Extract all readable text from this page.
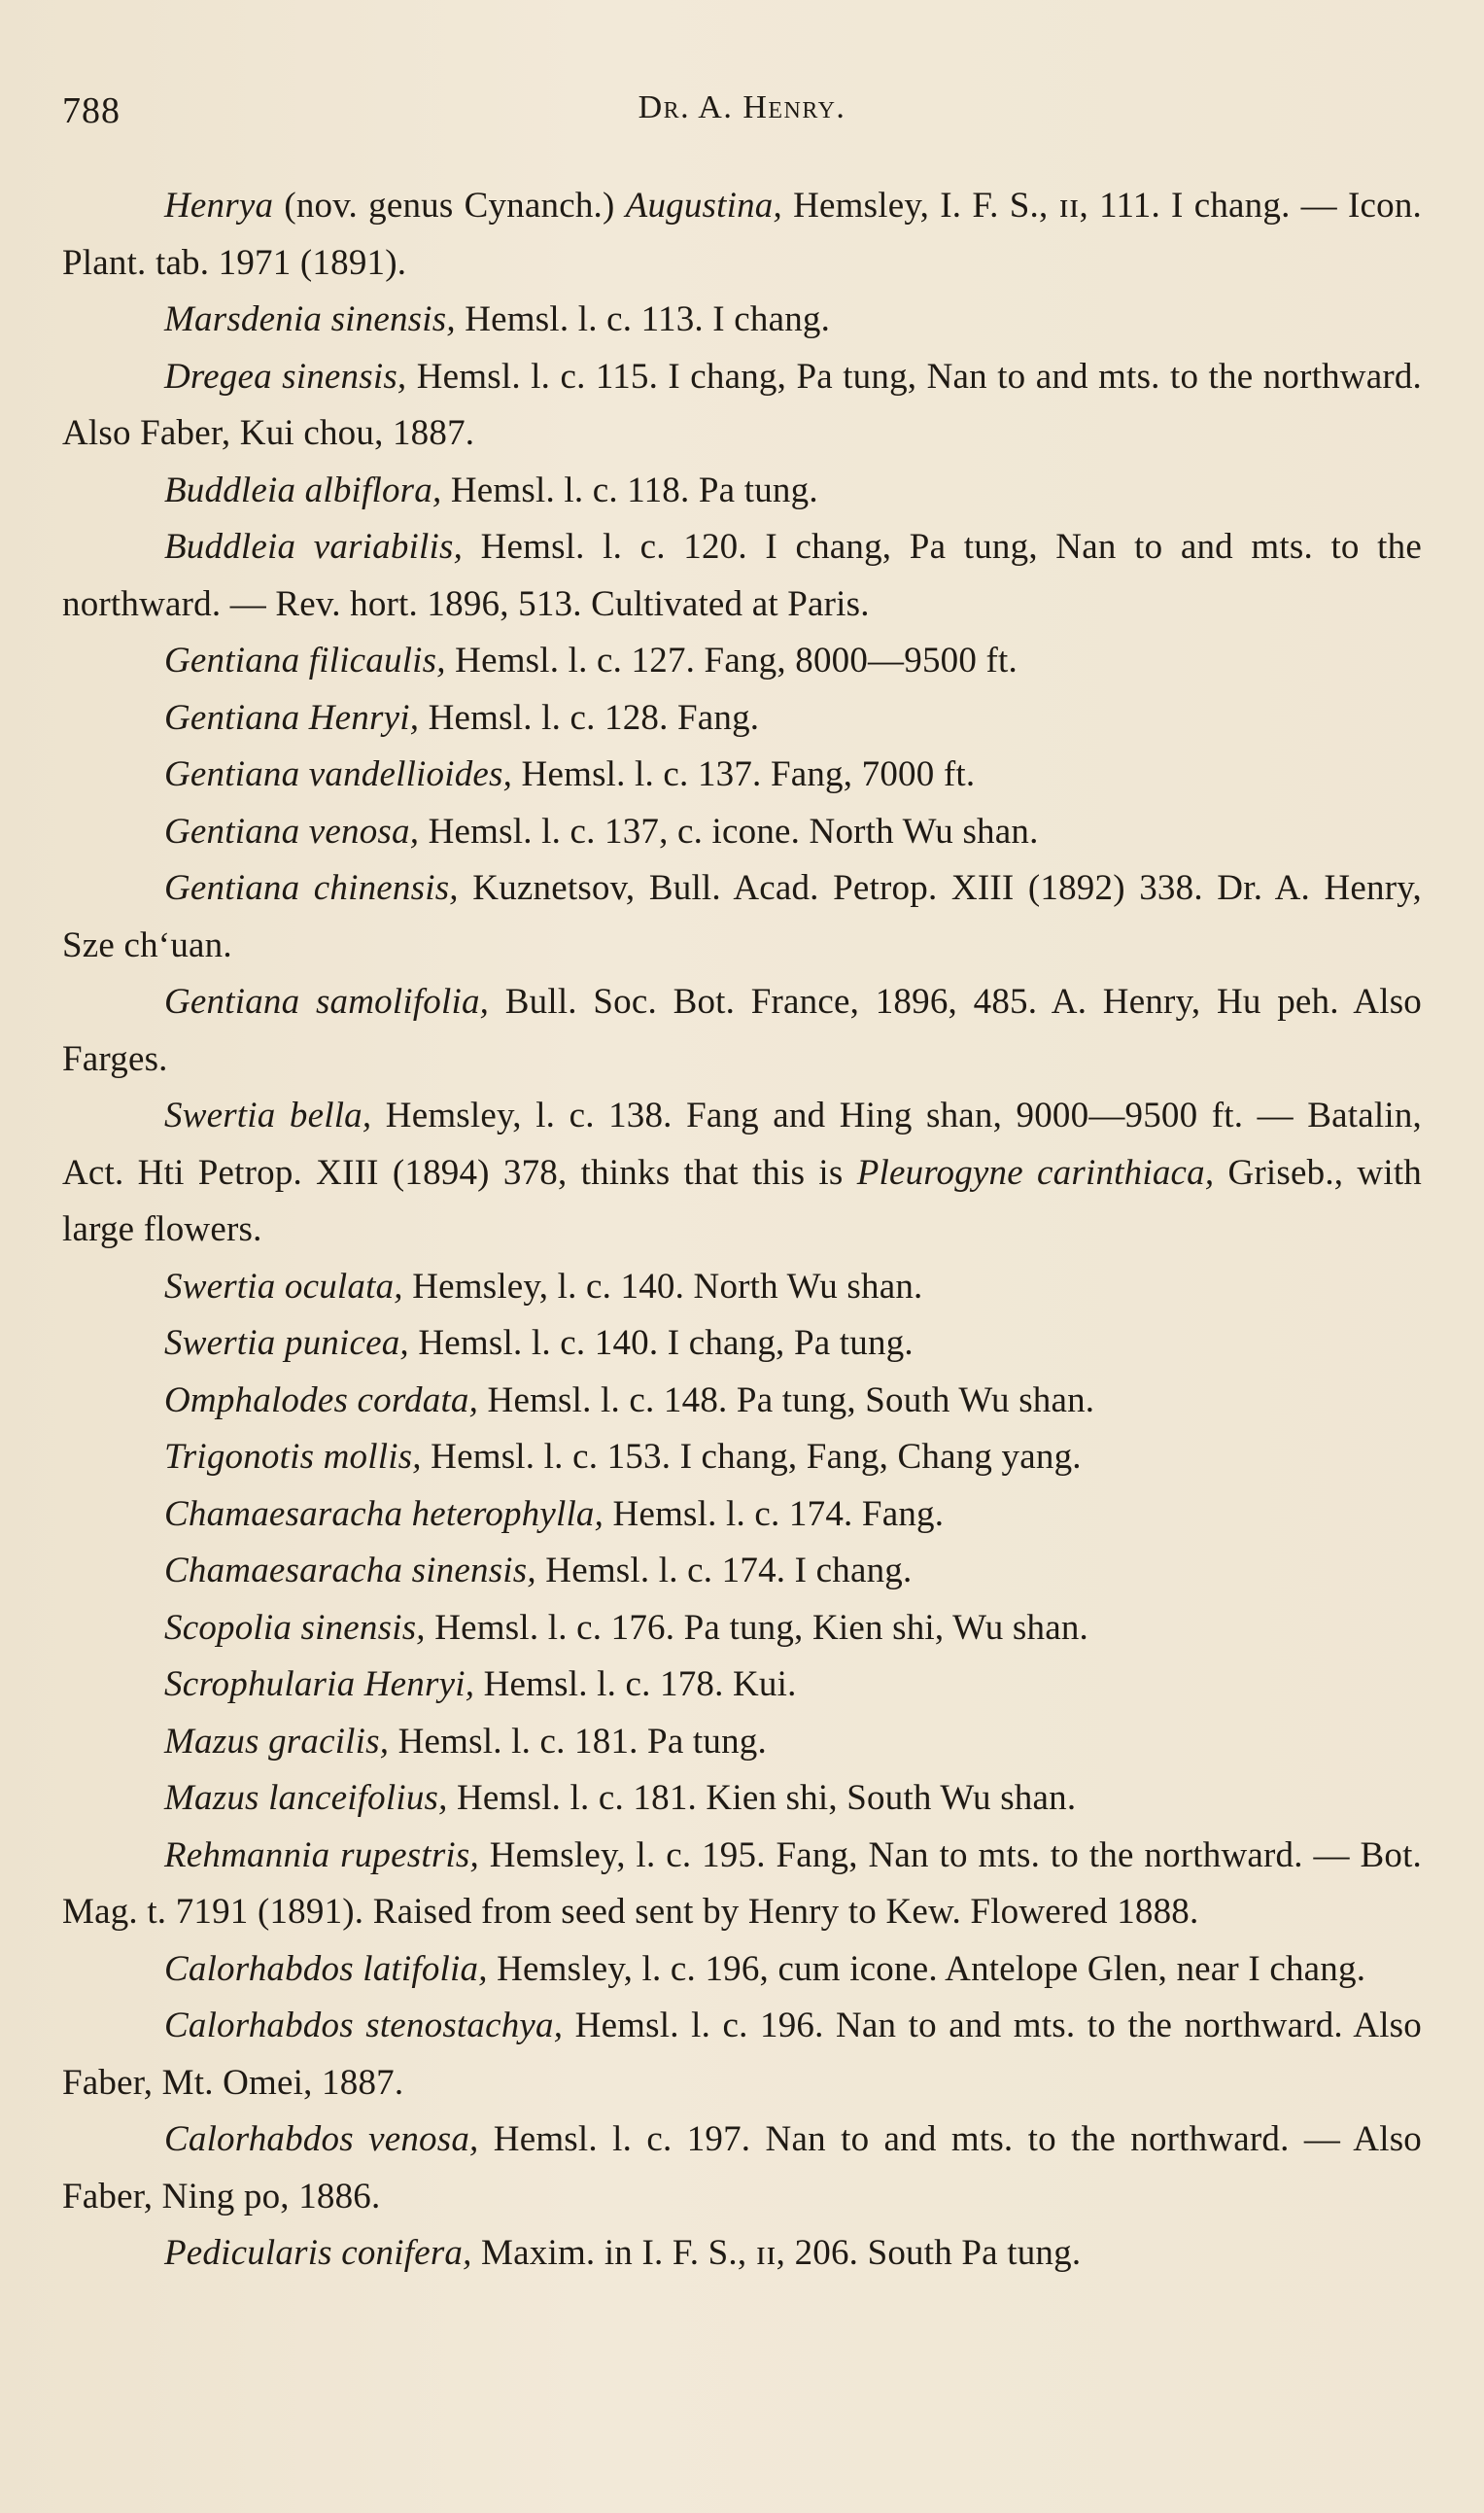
788	Dr. A. Henry.

Henrya (nov. genus Cynanch.) Augustina, Hemsley, I. F. S., ɪɪ, 111. I chang. — Icon. Plant. tab. 1971 (1891).

Marsdenia sinensis, Hemsl. l. c. 113. I chang.

Dregea sinensis, Hemsl. l. c. 115. I chang, Pa tung, Nan to and mts. to the northward. Also Faber, Kui chou, 1887.

Buddleia albiflora, Hemsl. l. c. 118. Pa tung.

Buddleia variabilis, Hemsl. l. c. 120. I chang, Pa tung, Nan to and mts. to the northward. — Rev. hort. 1896, 513. Cultivated at Paris.

Gentiana filicaulis, Hemsl. l. c. 127. Fang, 8000—9500 ft.

Gentiana Henryi, Hemsl. l. c. 128. Fang.

Gentiana vandellioides, Hemsl. l. c. 137. Fang, 7000 ft.

Gentiana venosa, Hemsl. l. c. 137, c. icone. North Wu shan.

Gentiana chinensis, Kuznetsov, Bull. Acad. Petrop. XIII (1892) 338. Dr. A. Henry, Sze chʻuan.

Gentiana samolifolia, Bull. Soc. Bot. France, 1896, 485. A. Henry, Hu peh. Also Farges.

Swertia bella, Hemsley, l. c. 138. Fang and Hing shan, 9000—9500 ft. — Batalin, Act. Hti Petrop. XIII (1894) 378, thinks that this is Pleurogyne carinthiaca, Griseb., with large flowers.

Swertia oculata, Hemsley, l. c. 140. North Wu shan.

Swertia punicea, Hemsl. l. c. 140. I chang, Pa tung.

Omphalodes cordata, Hemsl. l. c. 148. Pa tung, South Wu shan.

Trigonotis mollis, Hemsl. l. c. 153. I chang, Fang, Chang yang.

Chamaesaracha heterophylla, Hemsl. l. c. 174. Fang.

Chamaesaracha sinensis, Hemsl. l. c. 174. I chang.

Scopolia sinensis, Hemsl. l. c. 176. Pa tung, Kien shi, Wu shan.

Scrophularia Henryi, Hemsl. l. c. 178. Kui.

Mazus gracilis, Hemsl. l. c. 181. Pa tung.

Mazus lanceifolius, Hemsl. l. c. 181. Kien shi, South Wu shan.

Rehmannia rupestris, Hemsley, l. c. 195. Fang, Nan to mts. to the northward. — Bot. Mag. t. 7191 (1891). Raised from seed sent by Henry to Kew. Flowered 1888.

Calorhabdos latifolia, Hemsley, l. c. 196, cum icone. Antelope Glen, near I chang.

Calorhabdos stenostachya, Hemsl. l. c. 196. Nan to and mts. to the northward. Also Faber, Mt. Omei, 1887.

Calorhabdos venosa, Hemsl. l. c. 197. Nan to and mts. to the northward. — Also Faber, Ning po, 1886.

Pedicularis conifera, Maxim. in I. F. S., ɪɪ, 206. South Pa tung.
